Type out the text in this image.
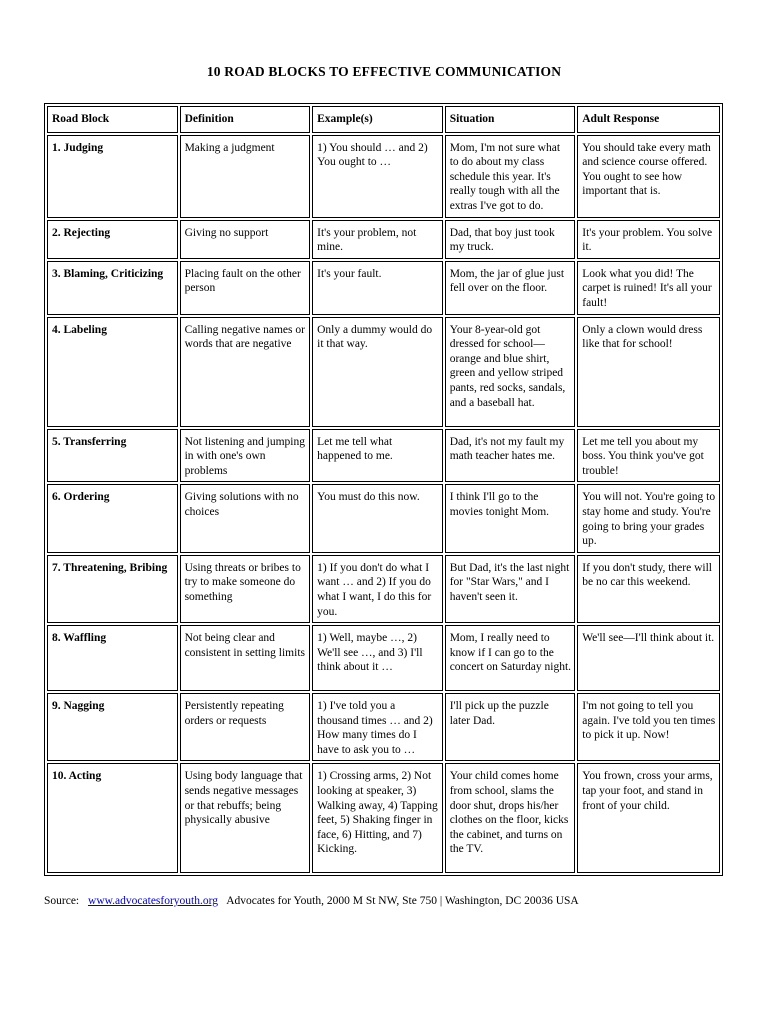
10 ROAD BLOCKS TO EFFECTIVE COMMUNICATION
Road Block	Definition	Example(s)	Situation	Adult Response
1. Judging	Making a judgment	1) You should … and 2) You ought to …	Mom, I'm not sure what to do about my class schedule this year. It's really tough with all the extras I've got to do.	You should take every math and science course offered. You ought to see how important that is.
2. Rejecting	Giving no support	It's your problem, not mine.	Dad, that boy just took my truck.	It's your problem. You solve it.
3. Blaming, Criticizing	Placing fault on the other person	It's your fault.	Mom, the jar of glue just fell over on the floor.	Look what you did! The carpet is ruined! It's all your fault!
4. Labeling	Calling negative names or words that are negative	Only a dummy would do it that way.	Your 8-year-old got dressed for school—orange and blue shirt, green and yellow striped pants, red socks, sandals, and a baseball hat.	Only a clown would dress like that for school!
5. Transferring	Not listening and jumping in with one's own problems	Let me tell what happened to me.	Dad, it's not my fault my math teacher hates me.	Let me tell you about my boss. You think you've got trouble!
6. Ordering	Giving solutions with no choices	You must do this now.	I think I'll go to the movies tonight Mom.	You will not. You're going to stay home and study. You're going to bring your grades up.
7. Threatening, Bribing	Using threats or bribes to try to make someone do something	1) If you don't do what I want … and 2) If you do what I want, I do this for you.	But Dad, it's the last night for "Star Wars," and I haven't seen it.	If you don't study, there will be no car this weekend.
8. Waffling	Not being clear and consistent in setting limits	1) Well, maybe …, 2) We'll see …, and 3) I'll think about it …	Mom, I really need to know if I can go to the concert on Saturday night.	We'll see—I'll think about it.
9. Nagging	Persistently repeating orders or requests	1) I've told you a thousand times … and 2) How many times do I have to ask you to …	I'll pick up the puzzle later Dad.	I'm not going to tell you again. I've told you ten times to pick it up. Now!
10. Acting	Using body language that sends negative messages or that rebuffs; being physically abusive	1) Crossing arms, 2) Not looking at speaker, 3) Walking away, 4) Tapping feet, 5) Shaking finger in face, 6) Hitting, and 7) Kicking.	Your child comes home from school, slams the door shut, drops his/her clothes on the floor, kicks the cabinet, and turns on the TV.	You frown, cross your arms, tap your foot, and stand in front of your child.
Source: www.advocatesforyouth.org Advocates for Youth, 2000 M St NW, Ste 750 | Washington, DC 20036 USA
